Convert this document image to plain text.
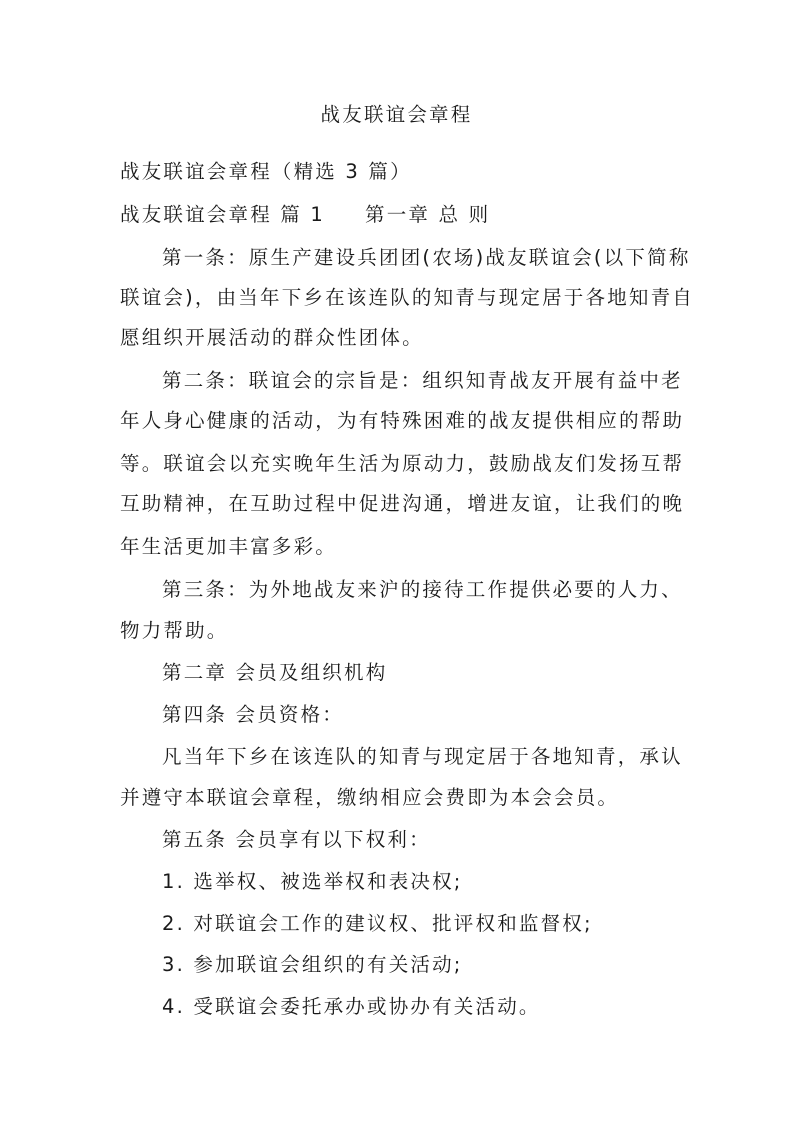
战友联谊会章程
战友联谊会章程（精选 3 篇）
战友联谊会章程 篇 1 第一章 总 则
第一条：原生产建设兵团团(农场)战友联谊会(以下简称
联谊会)，由当年下乡在该连队的知青与现定居于各地知青自
愿组织开展活动的群众性团体。
第二条：联谊会的宗旨是：组织知青战友开展有益中老
年人身心健康的活动，为有特殊困难的战友提供相应的帮助
等。联谊会以充实晚年生活为原动力，鼓励战友们发扬互帮
互助精神，在互助过程中促进沟通，增进友谊，让我们的晚
年生活更加丰富多彩。
第三条：为外地战友来沪的接待工作提供必要的人力、
物力帮助。
第二章 会员及组织机构
第四条 会员资格：
凡当年下乡在该连队的知青与现定居于各地知青，承认
并遵守本联谊会章程，缴纳相应会费即为本会会员。
第五条 会员享有以下权利：
1. 选举权、被选举权和表决权;
2. 对联谊会工作的建议权、批评权和监督权;
3. 参加联谊会组织的有关活动;
4. 受联谊会委托承办或协办有关活动。
